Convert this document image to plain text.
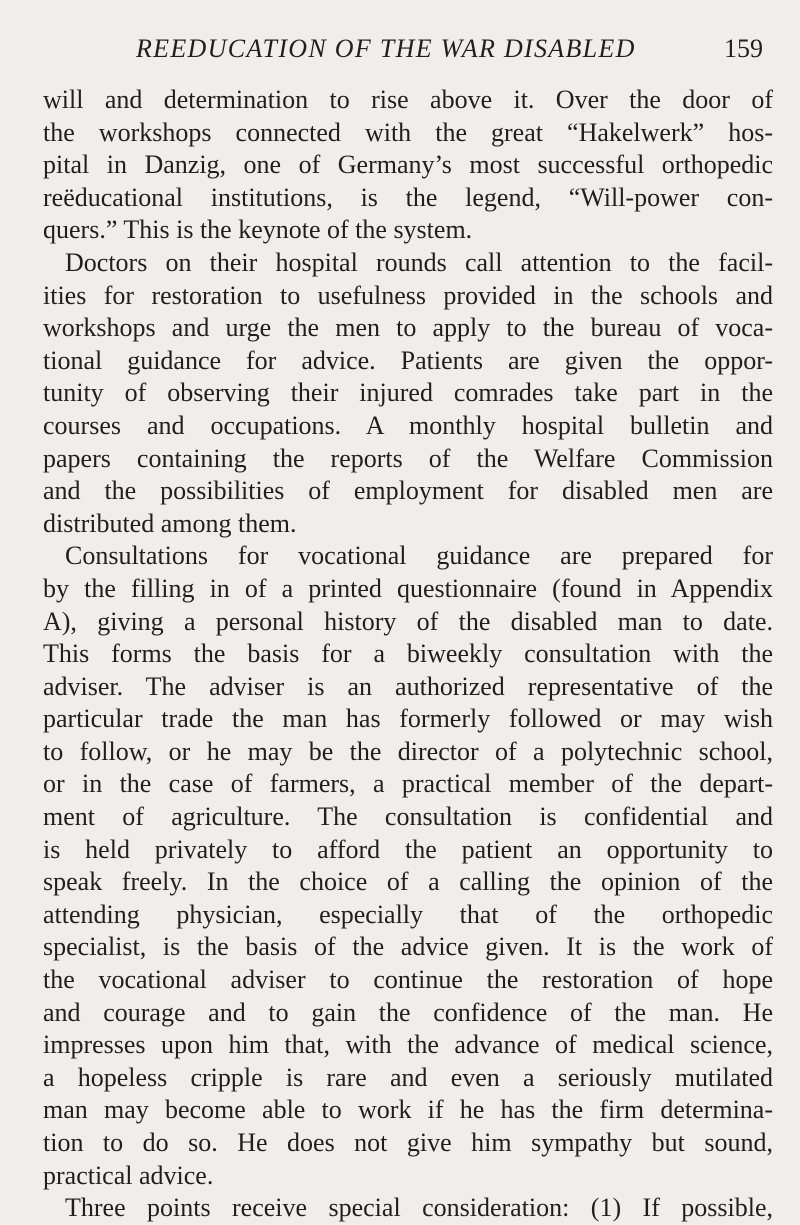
REEDUCATION OF THE WAR DISABLED	159
will and determination to rise above it. Over the door of
the workshops connected with the great “Hakelwerk” hos-
pital in Danzig, one of Germany’s most successful orthopedic
reëducational institutions, is the legend, “Will-power con-
quers.” This is the keynote of the system.
Doctors on their hospital rounds call attention to the facil-
ities for restoration to usefulness provided in the schools and
workshops and urge the men to apply to the bureau of voca-
tional guidance for advice. Patients are given the oppor-
tunity of observing their injured comrades take part in the
courses and occupations. A monthly hospital bulletin and
papers containing the reports of the Welfare Commission
and the possibilities of employment for disabled men are
distributed among them.
Consultations for vocational guidance are prepared for
by the filling in of a printed questionnaire (found in Appendix
A), giving a personal history of the disabled man to date.
This forms the basis for a biweekly consultation with the
adviser. The adviser is an authorized representative of the
particular trade the man has formerly followed or may wish
to follow, or he may be the director of a polytechnic school,
or in the case of farmers, a practical member of the depart-
ment of agriculture. The consultation is confidential and
is held privately to afford the patient an opportunity to
speak freely. In the choice of a calling the opinion of the
attending physician, especially that of the orthopedic
specialist, is the basis of the advice given. It is the work of
the vocational adviser to continue the restoration of hope
and courage and to gain the confidence of the man. He
impresses upon him that, with the advance of medical science,
a hopeless cripple is rare and even a seriously mutilated
man may become able to work if he has the firm determina-
tion to do so. He does not give him sympathy but sound,
practical advice.
Three points receive special consideration: (1) If possible,
